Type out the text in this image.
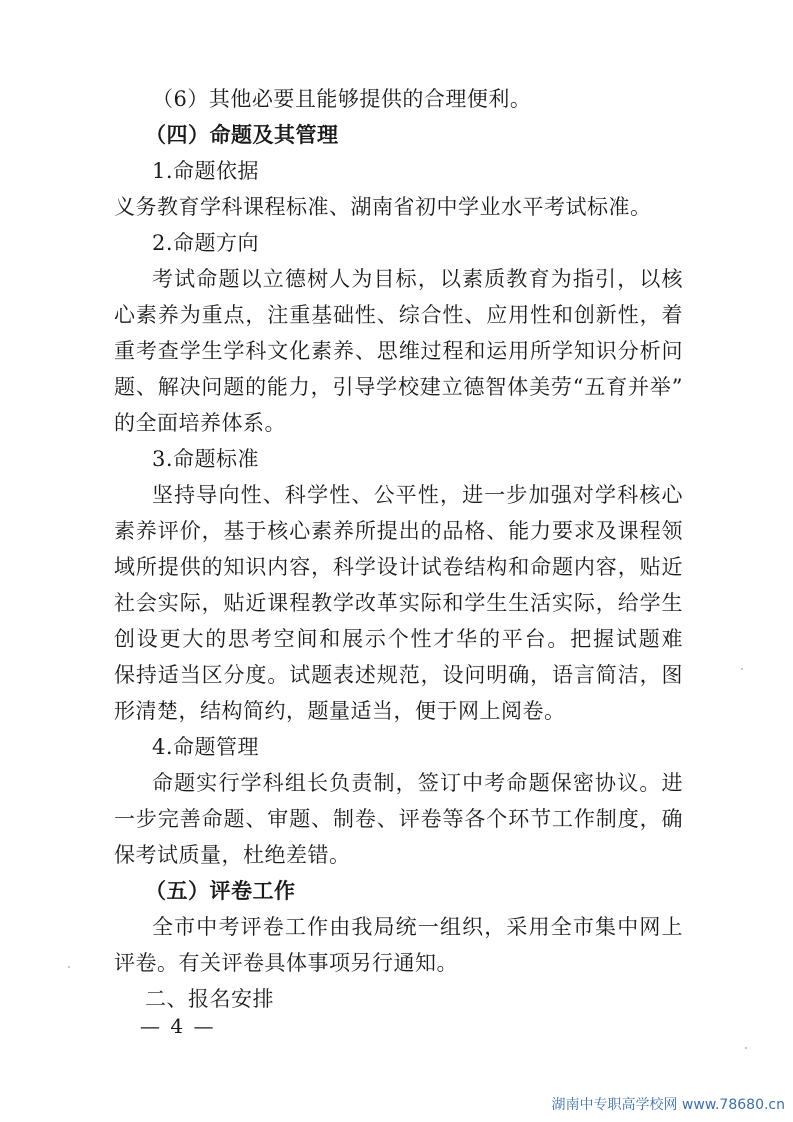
（6）其他必要且能够提供的合理便利。
（四）命题及其管理
1.命题依据
义务教育学科课程标准、湖南省初中学业水平考试标准。
2.命题方向
考试命题以立德树人为目标，以素质教育为指引，以核
心素养为重点，注重基础性、综合性、应用性和创新性，着
重考查学生学科文化素养、思维过程和运用所学知识分析问
题、解决问题的能力，引导学校建立德智体美劳“五育并举”
的全面培养体系。
3.命题标准
坚持导向性、科学性、公平性，进一步加强对学科核心
素养评价，基于核心素养所提出的品格、能力要求及课程领
域所提供的知识内容，科学设计试卷结构和命题内容，贴近
社会实际，贴近课程教学改革实际和学生生活实际，给学生
创设更大的思考空间和展示个性才华的平台。把握试题难
保持适当区分度。试题表述规范，设问明确，语言简洁，图
形清楚，结构简约，题量适当，便于网上阅卷。
4.命题管理
命题实行学科组长负责制，签订中考命题保密协议。进
一步完善命题、审题、制卷、评卷等各个环节工作制度，确
保考试质量，杜绝差错。
（五）评卷工作
全市中考评卷工作由我局统一组织，采用全市集中网上
评卷。有关评卷具体事项另行通知。
二、报名安排
— 4 —
湖南中专职高学校网 www.78680.cn
